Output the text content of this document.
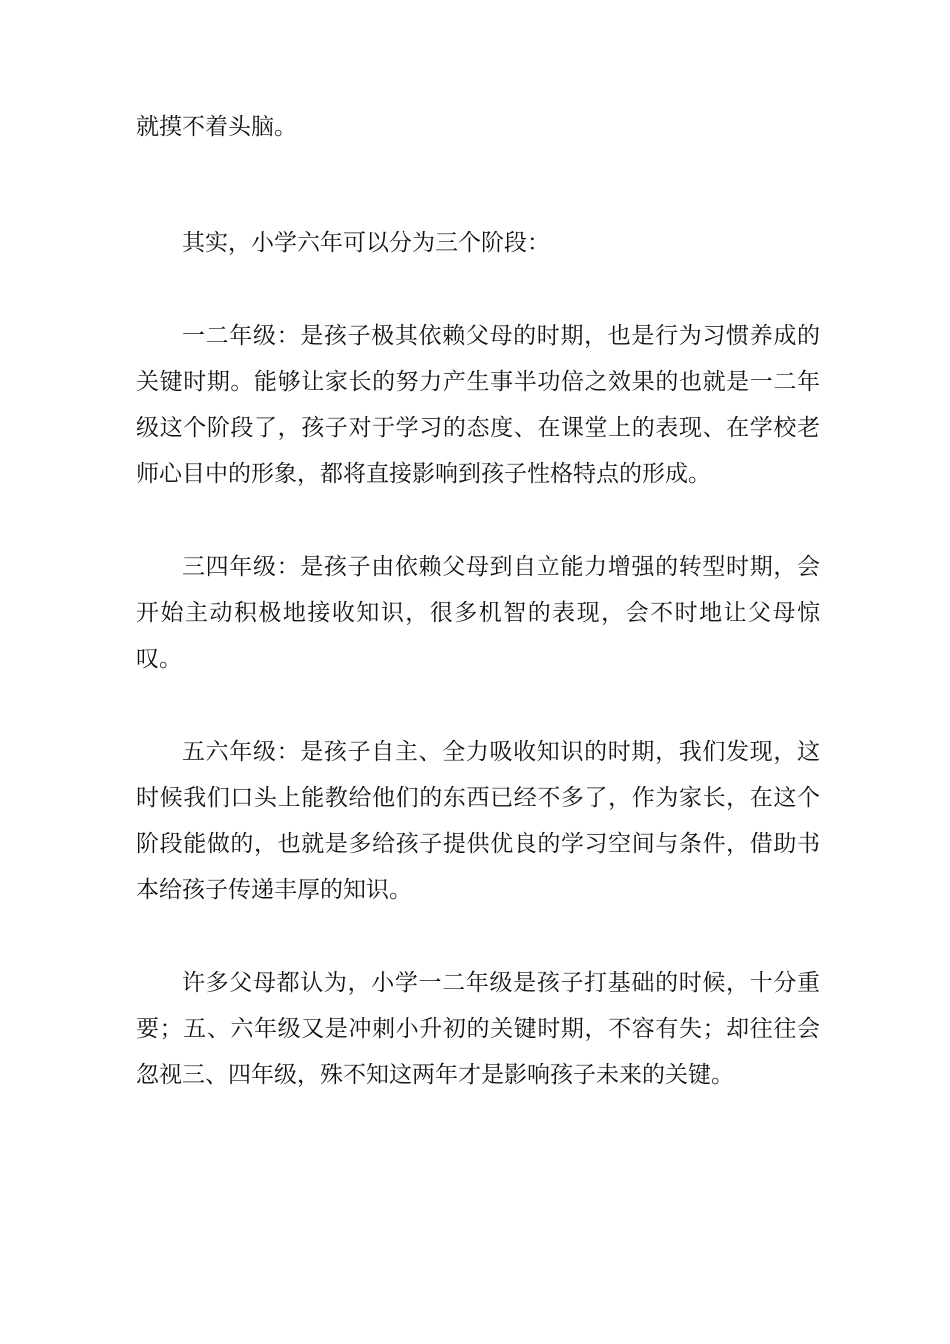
就摸不着头脑。

其实，小学六年可以分为三个阶段：

一二年级：是孩子极其依赖父母的时期，也是行为习惯养成的关键时期。能够让家长的努力产生事半功倍之效果的也就是一二年级这个阶段了，孩子对于学习的态度、在课堂上的表现、在学校老师心目中的形象，都将直接影响到孩子性格特点的形成。

三四年级：是孩子由依赖父母到自立能力增强的转型时期，会开始主动积极地接收知识，很多机智的表现，会不时地让父母惊叹。

五六年级：是孩子自主、全力吸收知识的时期，我们发现，这时候我们口头上能教给他们的东西已经不多了，作为家长，在这个阶段能做的，也就是多给孩子提供优良的学习空间与条件，借助书本给孩子传递丰厚的知识。

许多父母都认为，小学一二年级是孩子打基础的时候，十分重要；五、六年级又是冲刺小升初的关键时期，不容有失；却往往会忽视三、四年级，殊不知这两年才是影响孩子未来的关键。
